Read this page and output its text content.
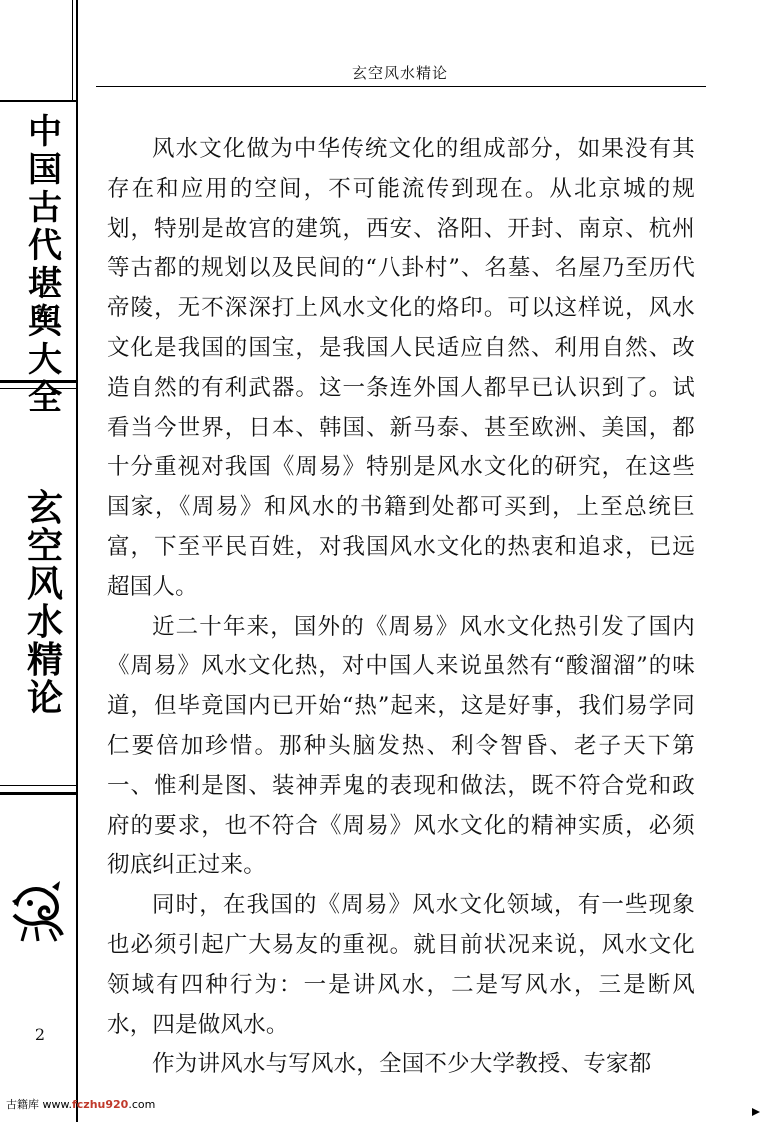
中
国
古
代
堪
舆
大
全
玄
空
风
水
精
论
2
古籍库 www.fczhu920.com
玄空风水精论

风水文化做为中华传统文化的组成部分，如果没有其存在和应用的空间，不可能流传到现在。从北京城的规划，特别是故宫的建筑，西安、洛阳、开封、南京、杭州等古都的规划以及民间的“八卦村”、名墓、名屋乃至历代帝陵，无不深深打上风水文化的烙印。可以这样说，风水文化是我国的国宝，是我国人民适应自然、利用自然、改造自然的有利武器。这一条连外国人都早已认识到了。试看当今世界，日本、韩国、新马泰、甚至欧洲、美国，都十分重视对我国《周易》特别是风水文化的研究，在这些国家，《周易》和风水的书籍到处都可买到，上至总统巨富，下至平民百姓，对我国风水文化的热衷和追求，已远超国人。

近二十年来，国外的《周易》风水文化热引发了国内《周易》风水文化热，对中国人来说虽然有“酸溜溜”的味道，但毕竟国内已开始“热”起来，这是好事，我们易学同仁要倍加珍惜。那种头脑发热、利令智昏、老子天下第一、惟利是图、装神弄鬼的表现和做法，既不符合党和政府的要求，也不符合《周易》风水文化的精神实质，必须彻底纠正过来。

同时，在我国的《周易》风水文化领域，有一些现象也必须引起广大易友的重视。就目前状况来说，风水文化领域有四种行为：一是讲风水，二是写风水，三是断风水，四是做风水。

作为讲风水与写风水，全国不少大学教授、专家都
